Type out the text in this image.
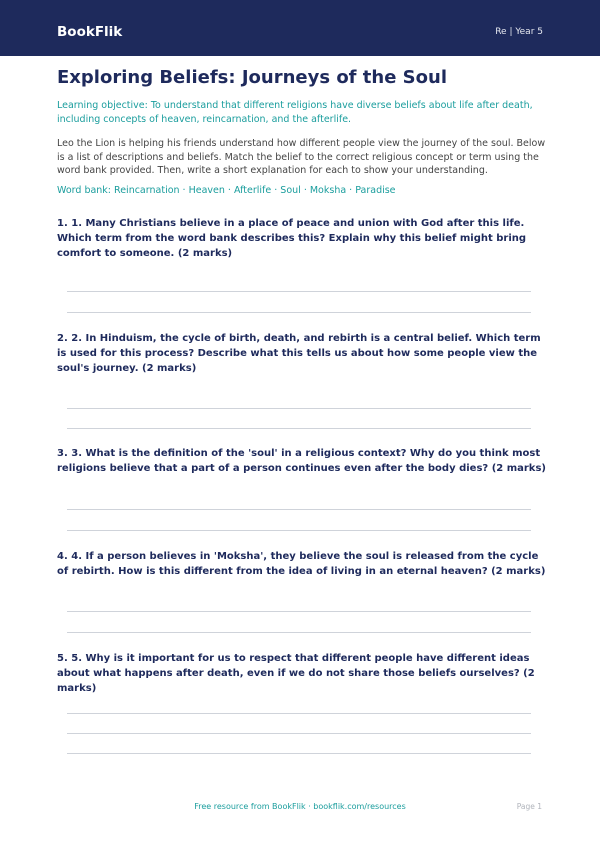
BookFlik	Re | Year 5
Exploring Beliefs: Journeys of the Soul
Learning objective: To understand that different religions have diverse beliefs about life after death, including concepts of heaven, reincarnation, and the afterlife.
Leo the Lion is helping his friends understand how different people view the journey of the soul. Below is a list of descriptions and beliefs. Match the belief to the correct religious concept or term using the word bank provided. Then, write a short explanation for each to show your understanding.
Word bank: Reincarnation · Heaven · Afterlife · Soul · Moksha · Paradise
1. 1. Many Christians believe in a place of peace and union with God after this life. Which term from the word bank describes this? Explain why this belief might bring comfort to someone. (2 marks)
2. 2. In Hinduism, the cycle of birth, death, and rebirth is a central belief. Which term is used for this process? Describe what this tells us about how some people view the soul's journey. (2 marks)
3. 3. What is the definition of the 'soul' in a religious context? Why do you think most religions believe that a part of a person continues even after the body dies? (2 marks)
4. 4. If a person believes in 'Moksha', they believe the soul is released from the cycle of rebirth. How is this different from the idea of living in an eternal heaven? (2 marks)
5. 5. Why is it important for us to respect that different people have different ideas about what happens after death, even if we do not share those beliefs ourselves? (2 marks)
Free resource from BookFlik · bookflik.com/resources	Page 1
